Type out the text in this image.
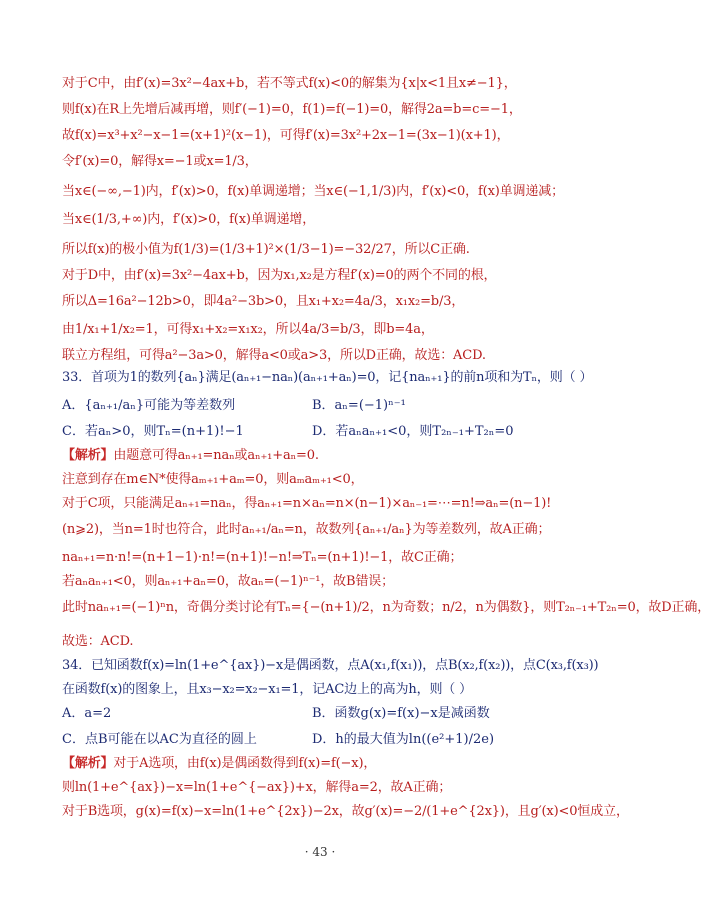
对于C中，由f′(x)=3x²−4ax+b，若不等式f(x)<0的解集为{x|x<1且x≠−1}，
则f(x)在R上先增后减再增，则f′(−1)=0，f(1)=f(−1)=0，解得2a=b=c=−1，
故f(x)=x³+x²−x−1=(x+1)²(x−1)，可得f′(x)=3x²+2x−1=(3x−1)(x+1)，
令f′(x)=0，解得x=−1或x=1/3，
当x∈(−∞,−1)内，f′(x)>0，f(x)单调递增；当x∈(−1,1/3)内，f′(x)<0，f(x)单调递减；
当x∈(1/3,+∞)内，f′(x)>0，f(x)单调递增，
所以f(x)的极小值为f(1/3)=(1/3+1)²×(1/3−1)=−32/27，所以C正确.
对于D中，由f′(x)=3x²−4ax+b，因为x₁,x₂是方程f′(x)=0的两个不同的根，
所以Δ=16a²−12b>0，即4a²−3b>0，且x₁+x₂=4a/3，x₁x₂=b/3，
由1/x₁+1/x₂=1，可得x₁+x₂=x₁x₂，所以4a/3=b/3，即b=4a，
联立方程组，可得a²−3a>0，解得a<0或a>3，所以D正确，故选：ACD.
33．首项为1的数列{aₙ}满足(aₙ₊₁−naₙ)(aₙ₊₁+aₙ)=0，记{naₙ₊₁}的前n项和为Tₙ，则（ ）
A．{aₙ₊₁/aₙ}可能为等差数列	B．aₙ=(−1)ⁿ⁻¹
C．若aₙ>0，则Tₙ=(n+1)!−1	D．若aₙaₙ₊₁<0，则T₂ₙ₋₁+T₂ₙ=0
【解析】由题意可得aₙ₊₁=naₙ或aₙ₊₁+aₙ=0.
注意到存在m∈N*使得aₘ₊₁+aₘ=0，则aₘaₘ₊₁<0，
对于C项，只能满足aₙ₊₁=naₙ，得aₙ₊₁=n×aₙ=n×(n−1)×aₙ₋₁=⋯=n!⇒aₙ=(n−1)!
(n⩾2)，当n=1时也符合，此时aₙ₊₁/aₙ=n，故数列{aₙ₊₁/aₙ}为等差数列，故A正确；
naₙ₊₁=n·n!=(n+1−1)·n!=(n+1)!−n!⇒Tₙ=(n+1)!−1，故C正确；
若aₙaₙ₊₁<0，则aₙ₊₁+aₙ=0，故aₙ=(−1)ⁿ⁻¹，故B错误；
此时naₙ₊₁=(−1)ⁿn，奇偶分类讨论有Tₙ={−(n+1)/2，n为奇数；n/2，n为偶数}，则T₂ₙ₋₁+T₂ₙ=0，故D正确，
故选：ACD.
34．已知函数f(x)=ln(1+e^{ax})−x是偶函数，点A(x₁,f(x₁))，点B(x₂,f(x₂))，点C(x₃,f(x₃))
在函数f(x)的图象上，且x₃−x₂=x₂−x₁=1，记AC边上的高为h，则（ ）
A．a=2	B．函数g(x)=f(x)−x是减函数
C．点B可能在以AC为直径的圆上	D．h的最大值为ln((e²+1)/2e)
【解析】对于A选项，由f(x)是偶函数得到f(x)=f(−x)，
则ln(1+e^{ax})−x=ln(1+e^{−ax})+x，解得a=2，故A正确；
对于B选项，g(x)=f(x)−x=ln(1+e^{2x})−2x，故g′(x)=−2/(1+e^{2x})，且g′(x)<0恒成立，
· 43 ·
